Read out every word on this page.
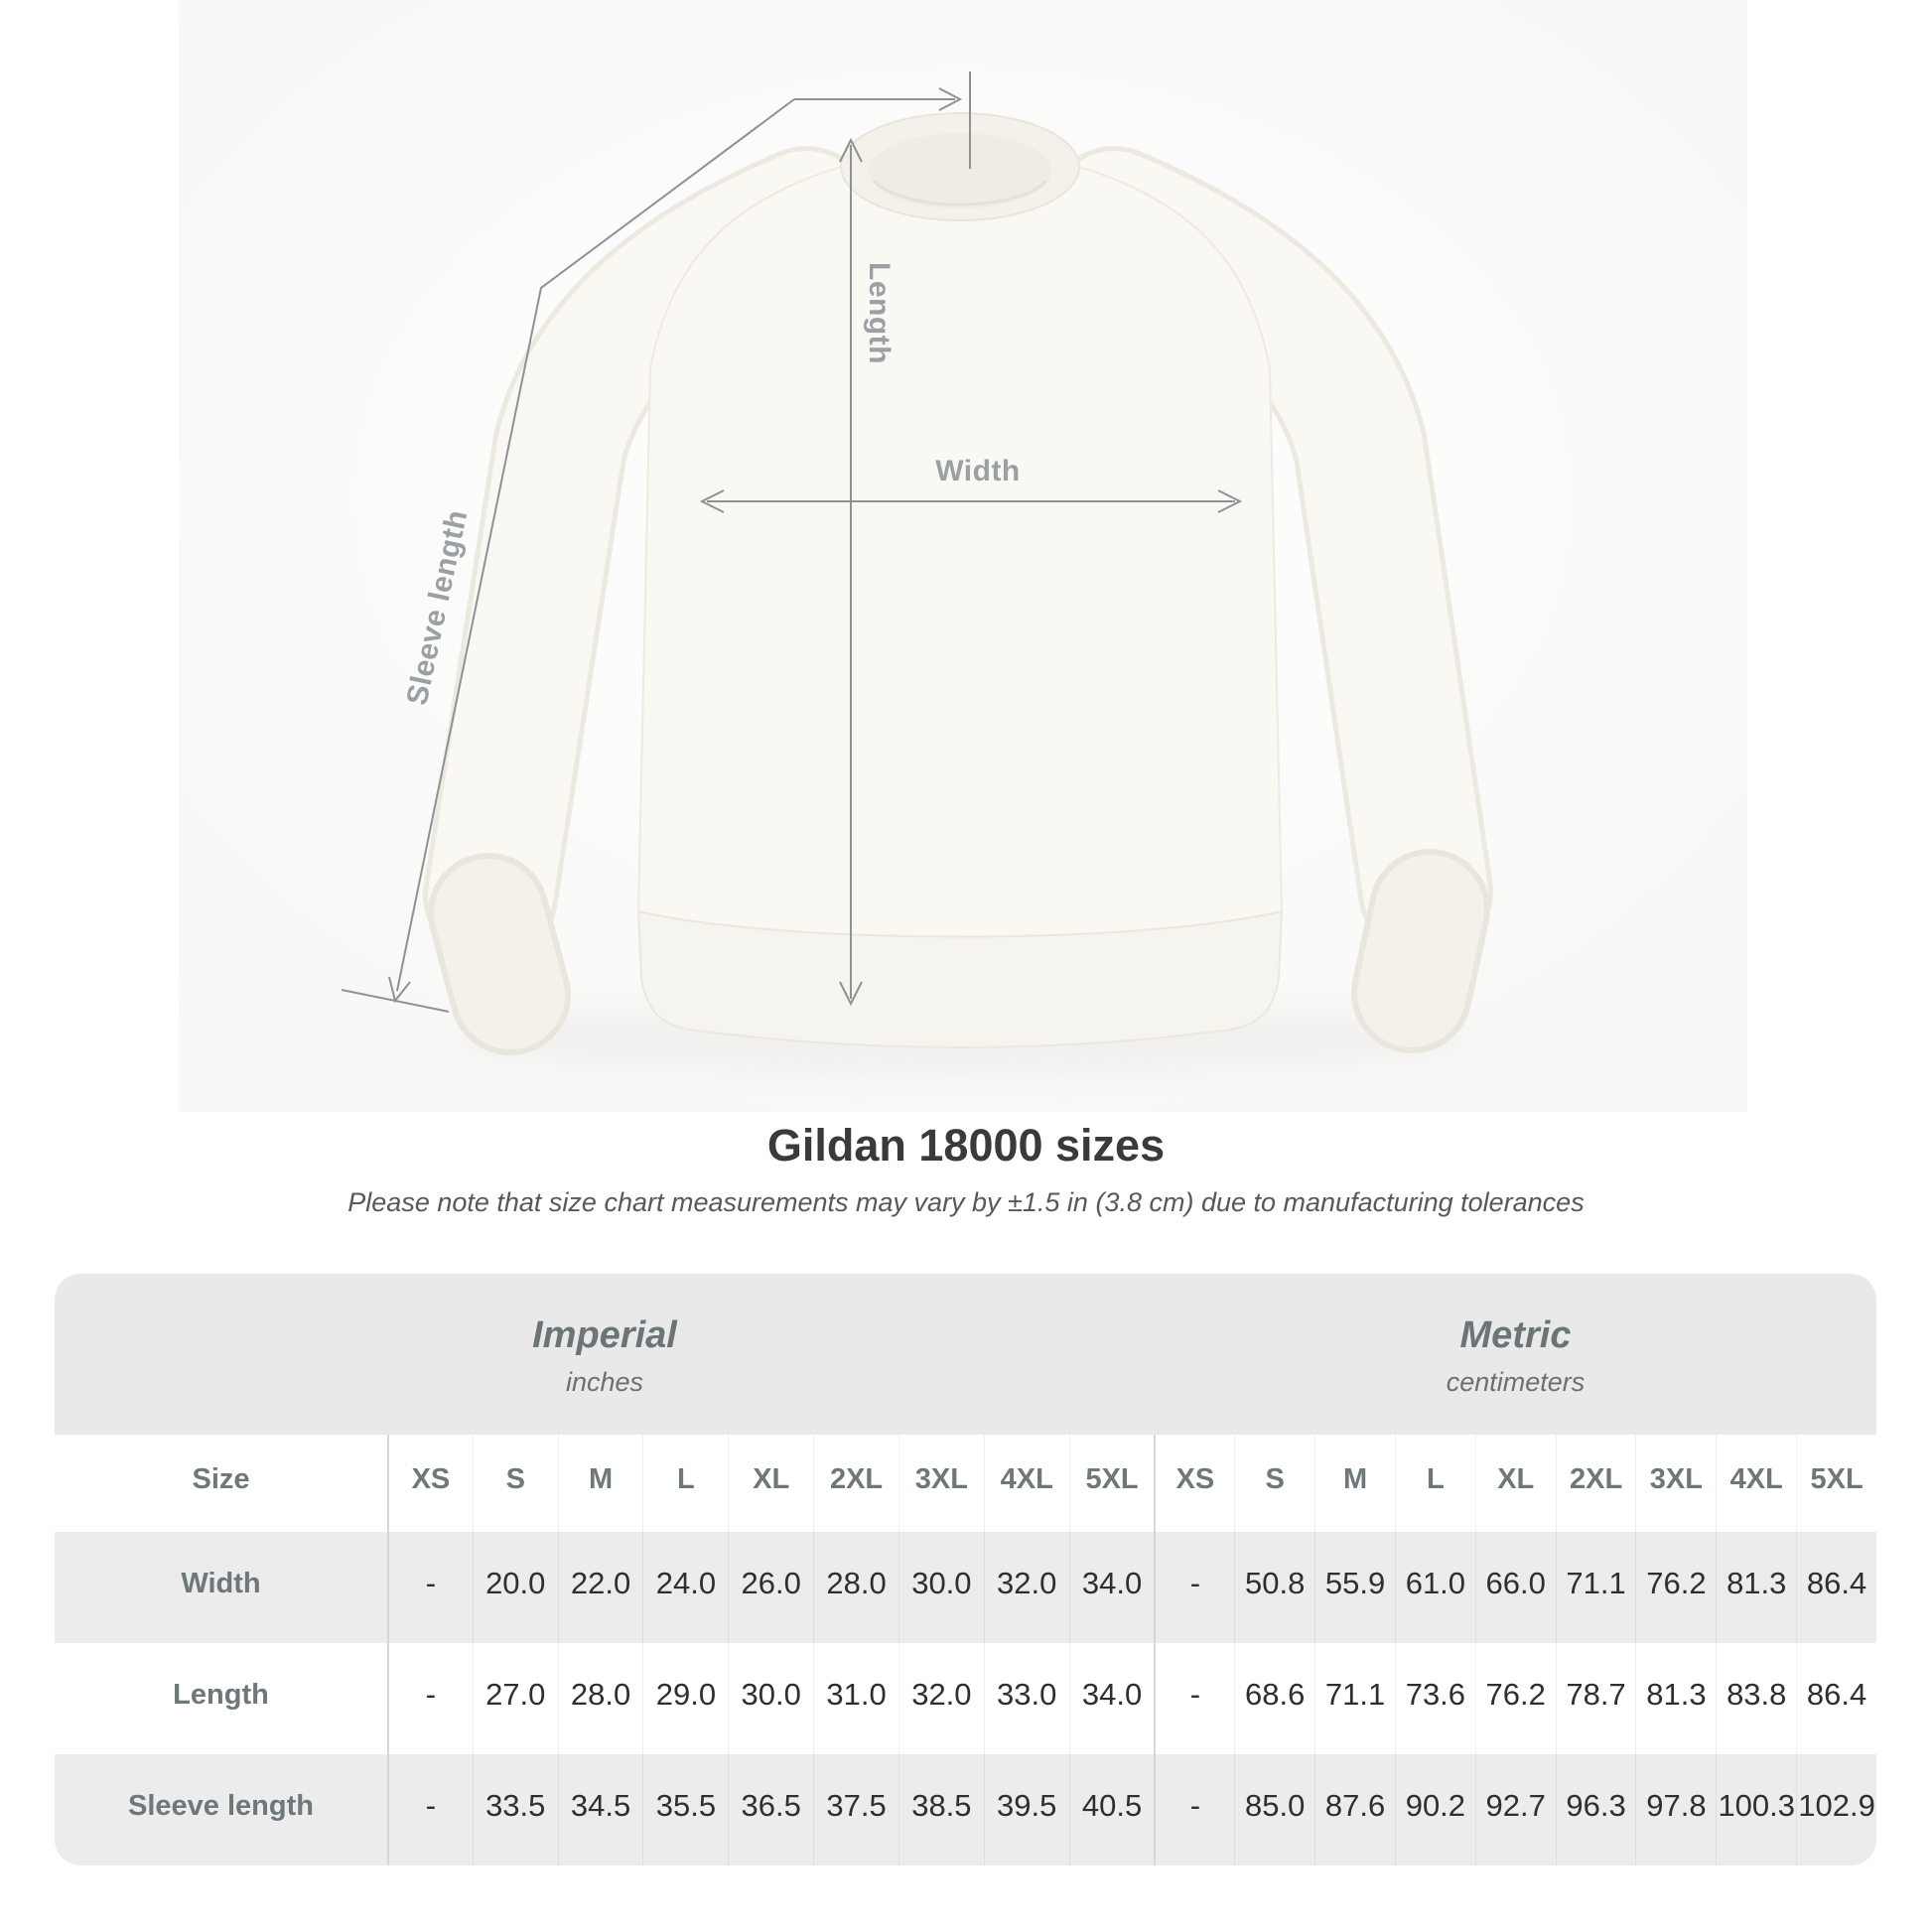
Length
Width
Sleeve length
Gildan 18000 sizes
Please note that size chart measurements may vary by ±1.5 in (3.8 cm) due to manufacturing tolerances
Imperial
inches
Metric
centimeters
Size	XS	S	M	L	XL	2XL	3XL	4XL	5XL	XS	S	M	L	XL	2XL 3XL 4XL 5XL
Width	-	20.0 22.0 24.0 26.0 28.0 30.0 32.0 34.0	-	50.8 55.9 61.0 66.0 71.1 76.2 81.3 86.4
Length	-	27.0 28.0 29.0 30.0 31.0 32.0 33.0 34.0	-	68.6 71.1 73.6 76.2 78.7 81.3 83.8 86.4
Sleeve length	-	33.5 34.5 35.5 36.5 37.5 38.5 39.5 40.5	-	85.0 87.6 90.2 92.7 96.3 97.8 100.3 102.9
